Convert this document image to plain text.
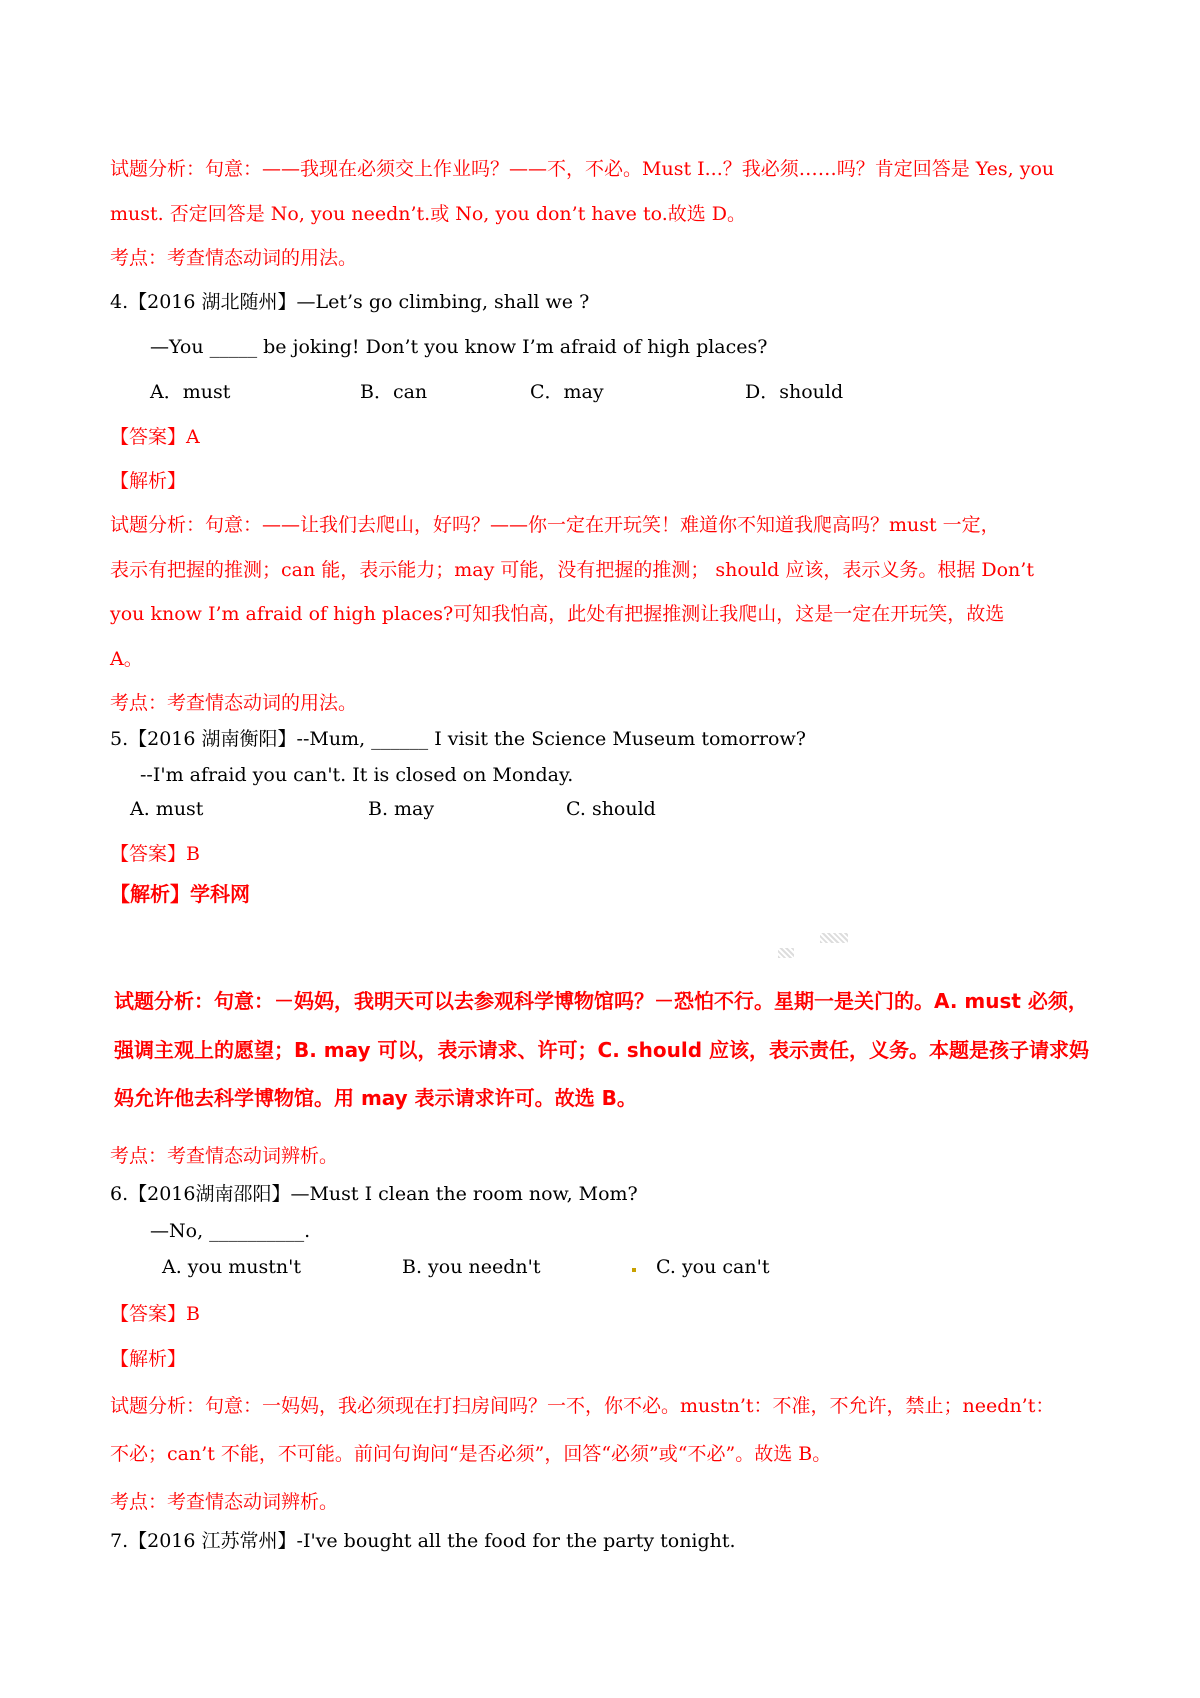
试题分析：句意：——我现在必须交上作业吗？——不，不必。Must I...？我必须……吗？肯定回答是 Yes, you
must. 否定回答是 No, you needn’t.或 No, you don’t have to.故选 D。
考点：考查情态动词的用法。
4.【2016 湖北随州】—Let’s go climbing, shall we ?
—You _____ be joking! Don’t you know I’m afraid of high places?
A．must	B．can	C．may	D．should
【答案】A
【解析】
试题分析：句意：——让我们去爬山，好吗？——你一定在开玩笑！难道你不知道我爬高吗？must 一定，
表示有把握的推测；can 能，表示能力；may 可能，没有把握的推测； should 应该，表示义务。根据 Don’t
you know I’m afraid of high places?可知我怕高，此处有把握推测让我爬山，这是一定在开玩笑，故选
A。
考点：考查情态动词的用法。
5.【2016 湖南衡阳】--Mum, ______ I visit the Science Museum tomorrow?
--I'm afraid you can't. It is closed on Monday.
A. must	B. may	C. should
【答案】B
【解析】学科网
试题分析：句意：－妈妈，我明天可以去参观科学博物馆吗？－恐怕不行。星期一是关门的。A. must 必须，
强调主观上的愿望；B. may 可以，表示请求、许可；C. should 应该，表示责任，义务。本题是孩子请求妈
妈允许他去科学博物馆。用 may 表示请求许可。故选 B。
考点：考查情态动词辨析。
6.【2016湖南邵阳】—Must I clean the room now, Mom?
—No, __________.
A. you mustn't	B. you needn't	C. you can't
【答案】B
【解析】
试题分析：句意：一妈妈，我必须现在打扫房间吗？一不，你不必。mustn’t：不准，不允许，禁止；needn’t：
不必；can’t 不能，不可能。前问句询问“是否必须”，回答“必须”或“不必”。故选 B。
考点：考查情态动词辨析。
7.【2016 江苏常州】-I've bought all the food for the party tonight.
